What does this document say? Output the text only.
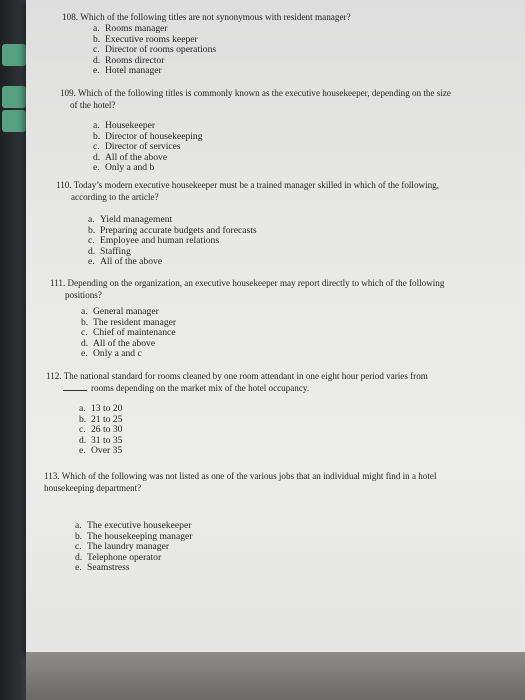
108. Which of the following titles are not synonymous with resident manager?
a. Rooms manager
b. Executive rooms keeper
c. Director of rooms operations
d. Rooms director
e. Hotel manager
109. Which of the following titles is commonly known as the executive housekeeper, depending on the size
of the hotel?
a. Housekeeper
b. Director of housekeeping
c. Director of services
d. All of the above
e. Only a and b
110. Today’s modern executive housekeeper must be a trained manager skilled in which of the following,
according to the article?
a. Yield management
b. Preparing accurate budgets and forecasts
c. Employee and human relations
d. Staffing
e. All of the above
111. Depending on the organization, an executive housekeeper may report directly to which of the following
positions?
a. General manager
b. The resident manager
c. Chief of maintenance
d. All of the above
e. Only a and c
112. The national standard for rooms cleaned by one room attendant in one eight hour period varies from
rooms depending on the market mix of the hotel occupancy.
a. 13 to 20
b. 21 to 25
c. 26 to 30
d. 31 to 35
e. Over 35
113. Which of the following was not listed as one of the various jobs that an individual might find in a hotel
housekeeping department?
a. The executive housekeeper
b. The housekeeping manager
c. The laundry manager
d. Telephone operator
e. Seamstress
